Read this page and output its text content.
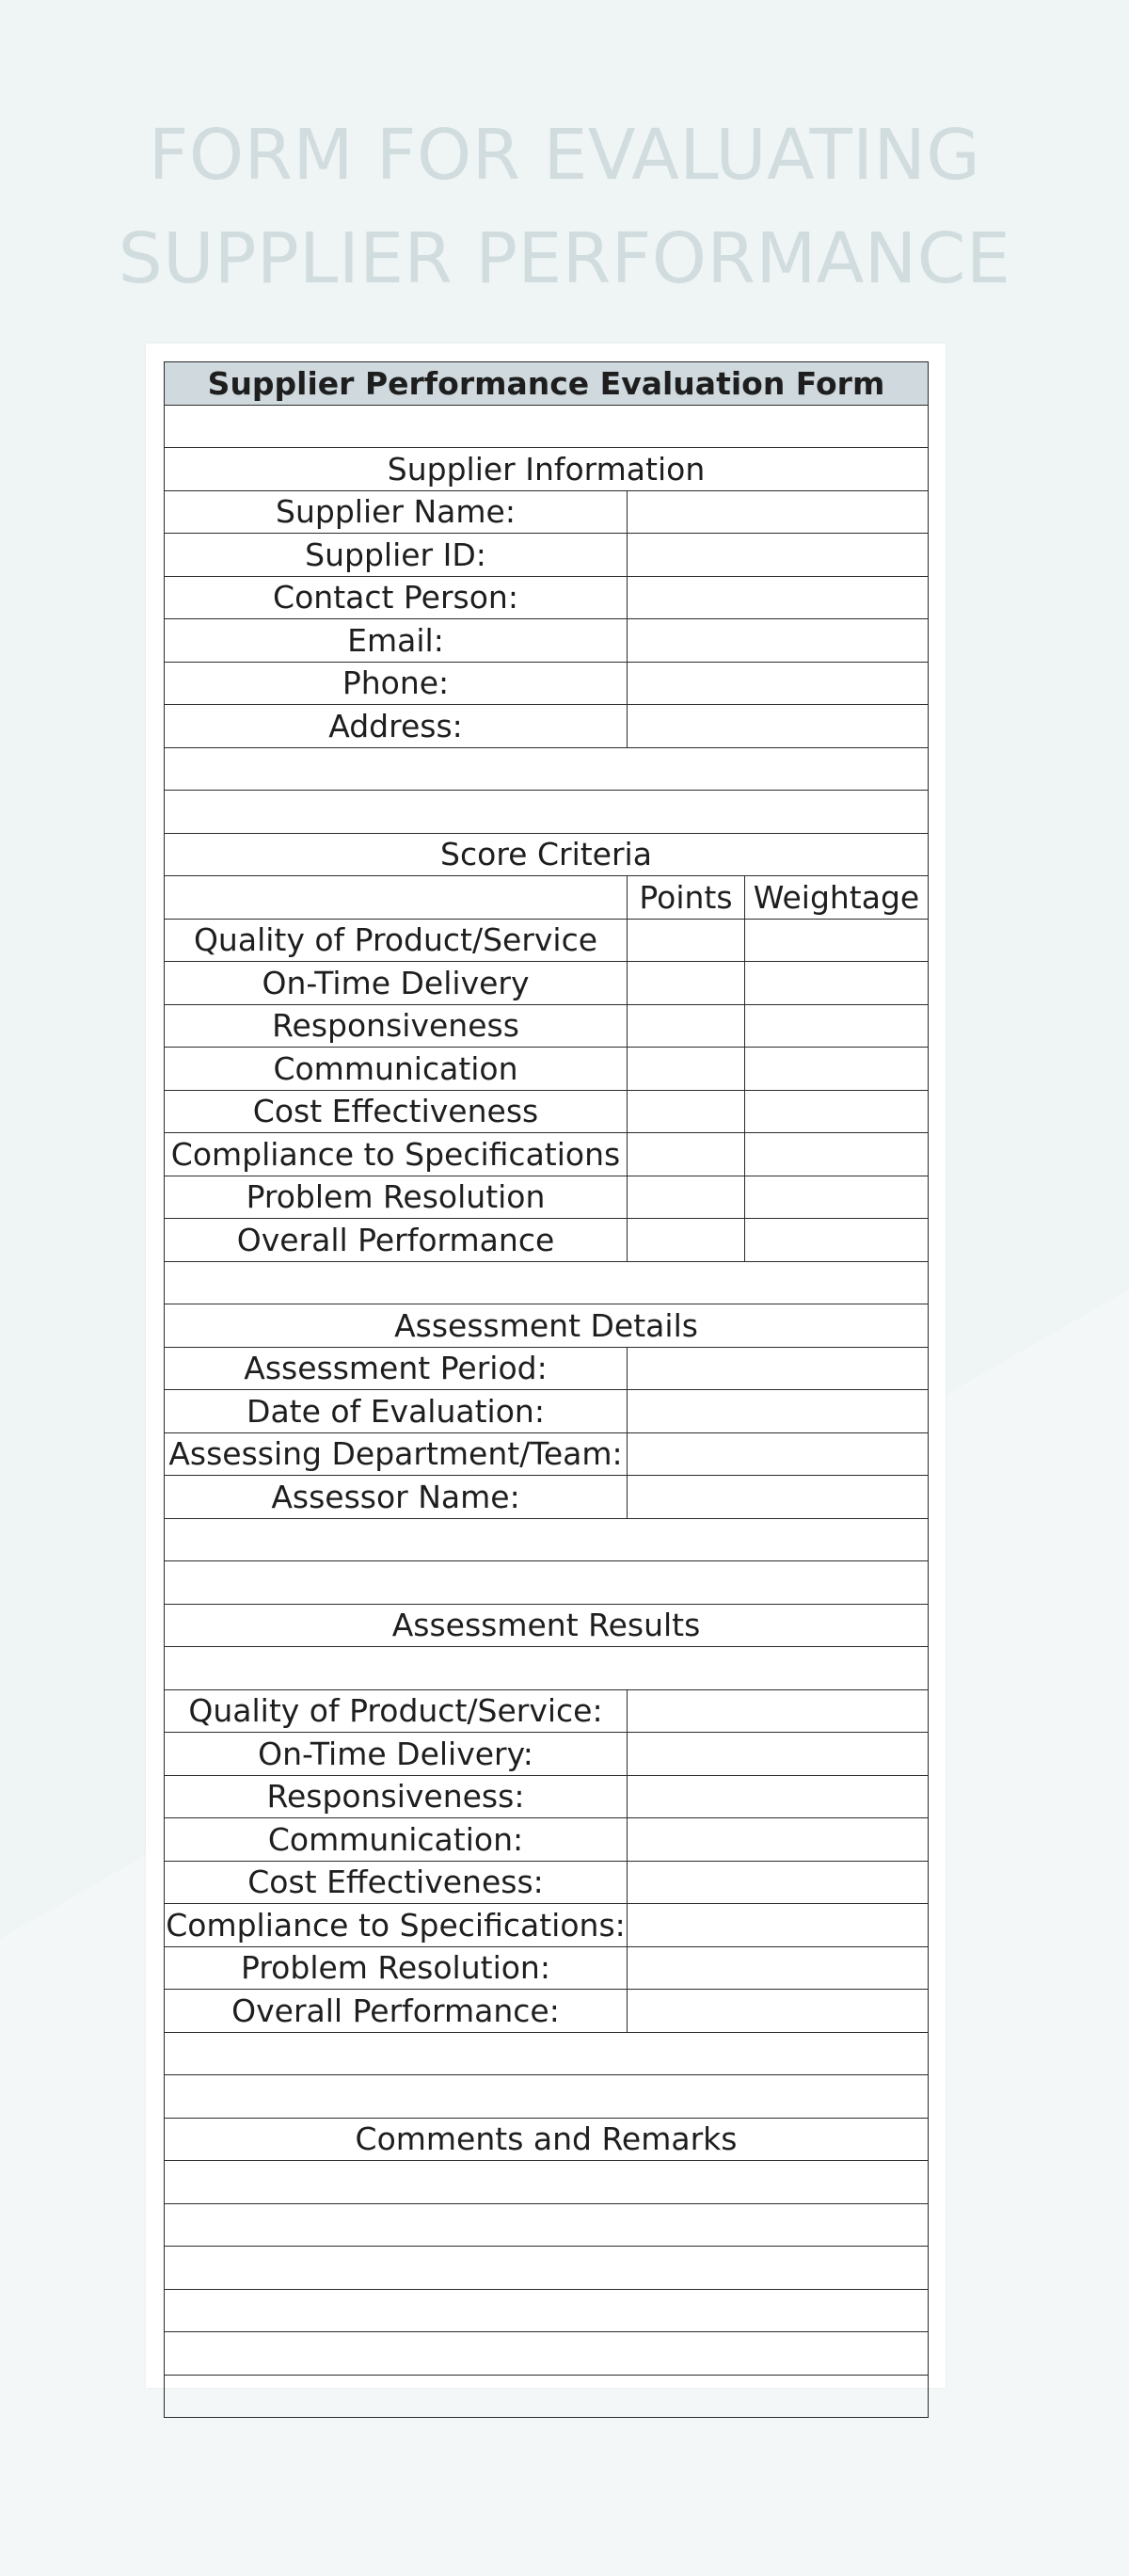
FORM FOR EVALUATING
SUPPLIER PERFORMANCE
Supplier Performance Evaluation Form		

Supplier Information		
Supplier Name:		
Supplier ID:		
Contact Person:		
Email:		
Phone:		
Address:		

Score Criteria		
	Points	Weightage
Quality of Product/Service		
On-Time Delivery		
Responsiveness		
Communication		
Cost Effectiveness		
Compliance to Specifications		
Problem Resolution		
Overall Performance		

Assessment Details		
Assessment Period:		
Date of Evaluation:		
Assessing Department/Team:		
Assessor Name:		

Assessment Results		

Quality of Product/Service:		
On-Time Delivery:		
Responsiveness:		
Communication:		
Cost Effectiveness:		
Compliance to Specifications:		
Problem Resolution:		
Overall Performance:		

Comments and Remarks		
